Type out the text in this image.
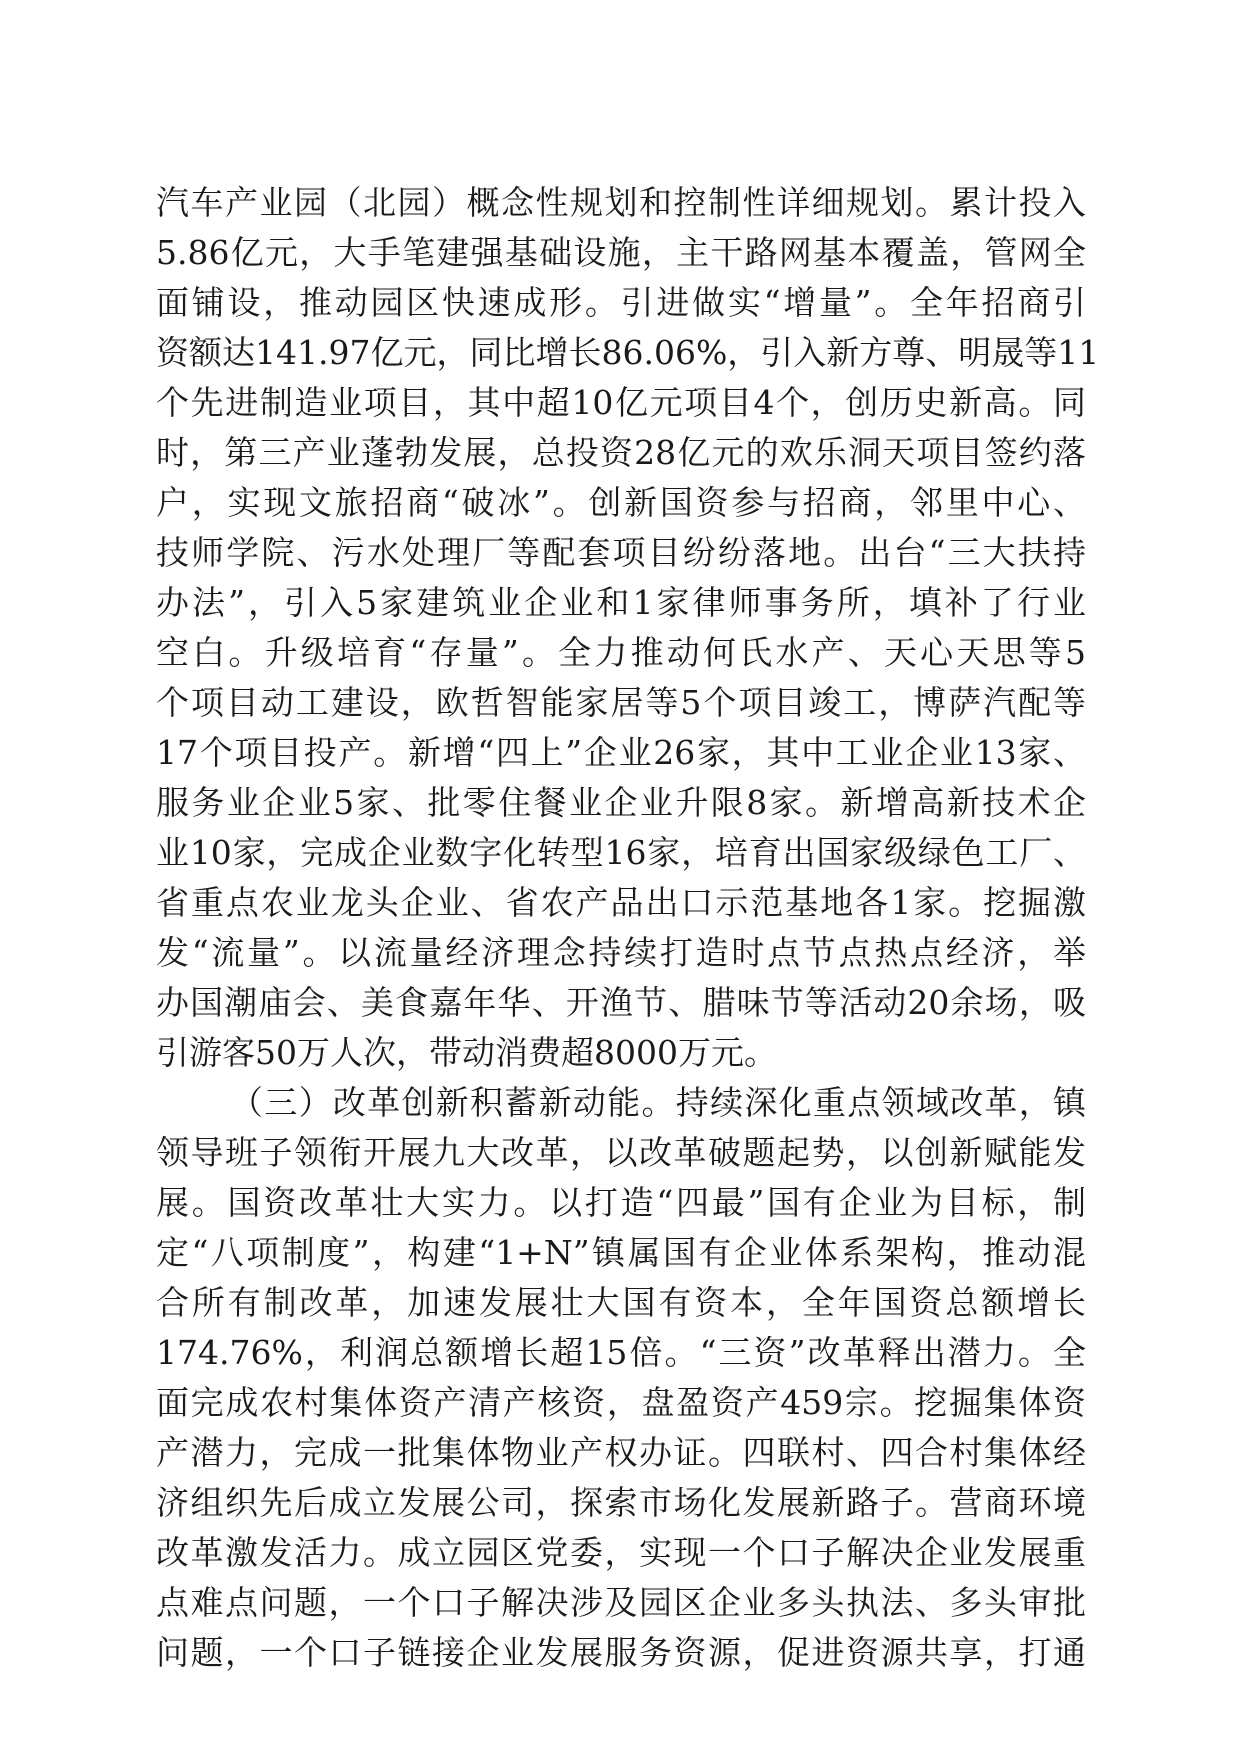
汽车产业园（北园）概念性规划和控制性详细规划。累计投入
5.86亿元，大手笔建强基础设施，主干路网基本覆盖，管网全
面铺设，推动园区快速成形。引进做实“增量”。全年招商引
资额达141.97亿元，同比增长86.06%，引入新方尊、明晟等11
个先进制造业项目，其中超10亿元项目4个，创历史新高。同
时，第三产业蓬勃发展，总投资28亿元的欢乐洞天项目签约落
户，实现文旅招商“破冰”。创新国资参与招商，邻里中心、
技师学院、污水处理厂等配套项目纷纷落地。出台“三大扶持
办法”，引入5家建筑业企业和1家律师事务所，填补了行业
空白。升级培育“存量”。全力推动何氏水产、天心天思等5
个项目动工建设，欧哲智能家居等5个项目竣工，博萨汽配等
17个项目投产。新增“四上”企业26家，其中工业企业13家、
服务业企业5家、批零住餐业企业升限8家。新增高新技术企
业10家，完成企业数字化转型16家，培育出国家级绿色工厂、
省重点农业龙头企业、省农产品出口示范基地各1家。挖掘激
发“流量”。以流量经济理念持续打造时点节点热点经济，举
办国潮庙会、美食嘉年华、开渔节、腊味节等活动20余场，吸
引游客50万人次，带动消费超8000万元。
（三）改革创新积蓄新动能。持续深化重点领域改革，镇
领导班子领衔开展九大改革，以改革破题起势，以创新赋能发
展。国资改革壮大实力。以打造“四最”国有企业为目标，制
定“八项制度”，构建“1+N”镇属国有企业体系架构，推动混
合所有制改革，加速发展壮大国有资本，全年国资总额增长
174.76%，利润总额增长超15倍。“三资”改革释出潜力。全
面完成农村集体资产清产核资，盘盈资产459宗。挖掘集体资
产潜力，完成一批集体物业产权办证。四联村、四合村集体经
济组织先后成立发展公司，探索市场化发展新路子。营商环境
改革激发活力。成立园区党委，实现一个口子解决企业发展重
点难点问题，一个口子解决涉及园区企业多头执法、多头审批
问题，一个口子链接企业发展服务资源，促进资源共享，打通
